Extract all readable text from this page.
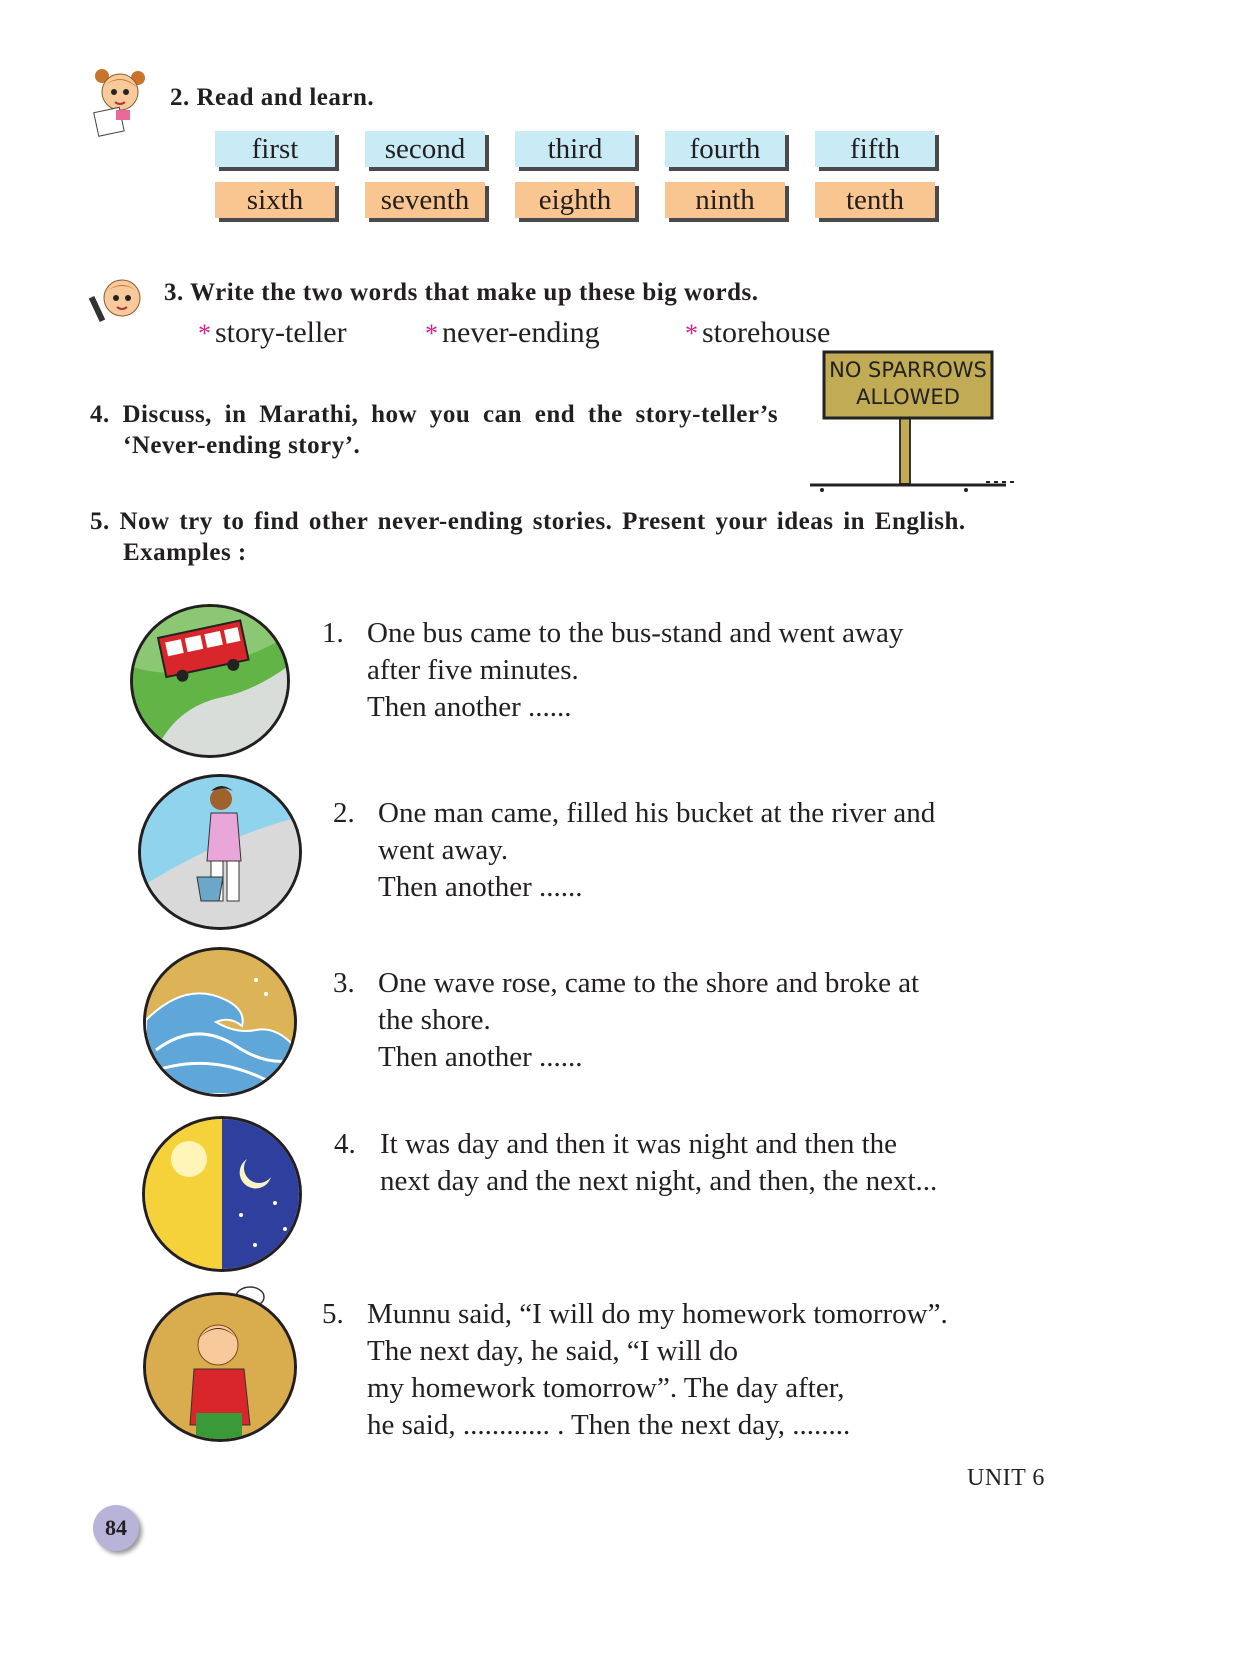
2. Read and learn.
first	second	third	fourth	fifth
sixth	seventh	eighth	ninth	tenth
3. Write the two words that make up these big words.
* story-teller	* never-ending	* storehouse
NO SPARROWS
ALLOWED
4. Discuss, in Marathi, how you can end the story-teller’s
‘Never-ending story’.
5. Now try to find other never-ending stories. Present your ideas in English.
Examples :
1. One bus came to the bus-stand and went away
after five minutes.
Then another ......
2. One man came, filled his bucket at the river and
went away.
Then another ......
3. One wave rose, came to the shore and broke at
the shore.
Then another ......
4. It was day and then it was night and then the
next day and the next night, and then, the next...
5. Munnu said, “I will do my homework tomorrow”.
The next day, he said, “I will do
my homework tomorrow”. The day after,
he said, ............ . Then the next day, ........
84
UNIT 6
